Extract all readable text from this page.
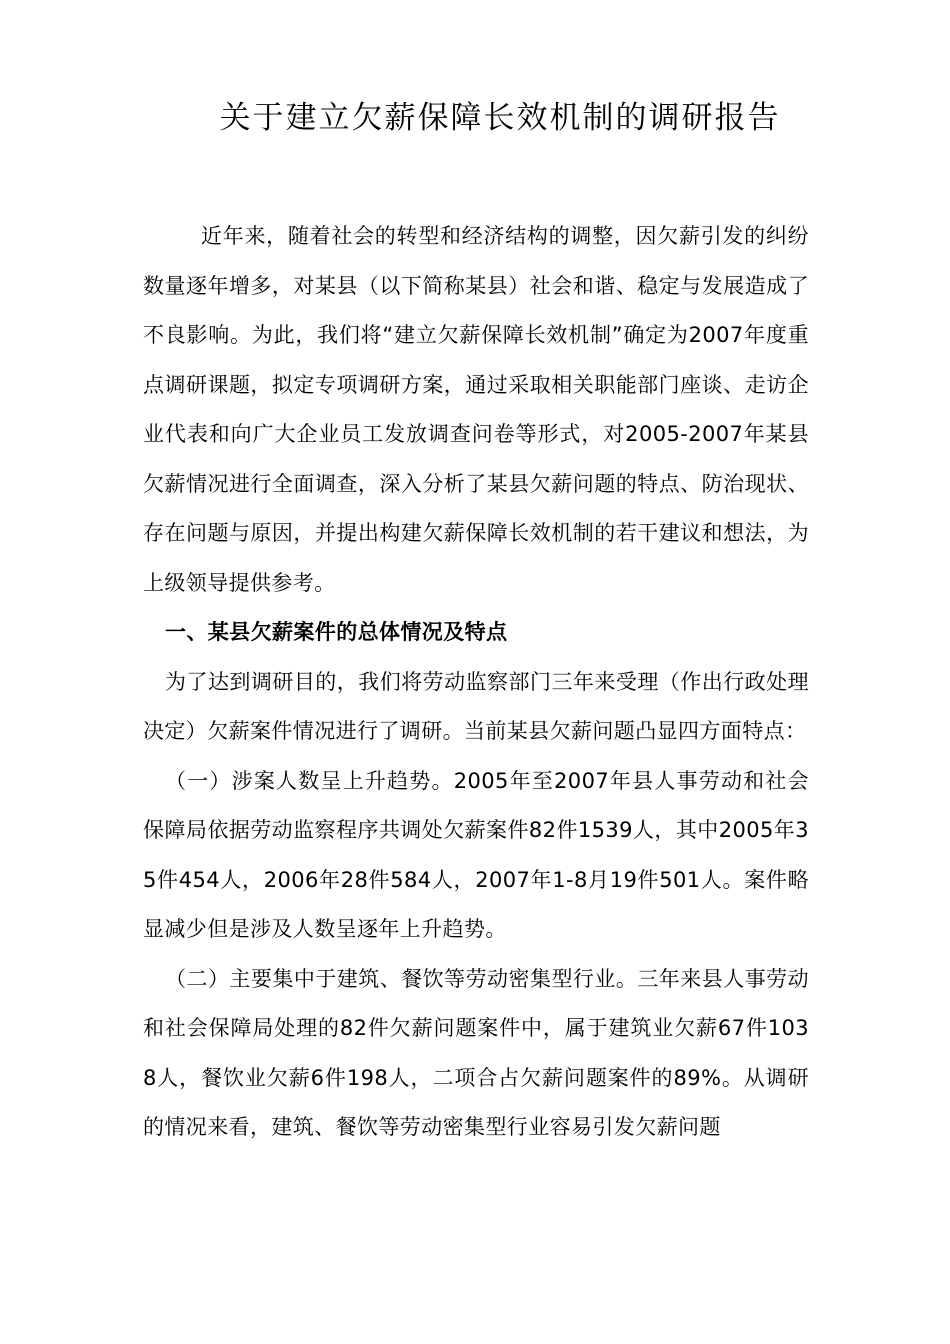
关于建立欠薪保障长效机制的调研报告

近年来，随着社会的转型和经济结构的调整，因欠薪引发的纠纷数量逐年增多，对某县（以下简称某县）社会和谐、稳定与发展造成了不良影响。为此，我们将“建立欠薪保障长效机制”确定为2007年度重点调研课题，拟定专项调研方案，通过采取相关职能部门座谈、走访企业代表和向广大企业员工发放调查问卷等形式，对2005-2007年某县欠薪情况进行全面调查，深入分析了某县欠薪问题的特点、防治现状、存在问题与原因，并提出构建欠薪保障长效机制的若干建议和想法，为上级领导提供参考。

一、某县欠薪案件的总体情况及特点

为了达到调研目的，我们将劳动监察部门三年来受理（作出行政处理决定）欠薪案件情况进行了调研。当前某县欠薪问题凸显四方面特点：

（一）涉案人数呈上升趋势。2005年至2007年县人事劳动和社会保障局依据劳动监察程序共调处欠薪案件82件1539人，其中2005年35件454人，2006年28件584人，2007年1-8月19件501人。案件略显减少但是涉及人数呈逐年上升趋势。

（二）主要集中于建筑、餐饮等劳动密集型行业。三年来县人事劳动和社会保障局处理的82件欠薪问题案件中，属于建筑业欠薪67件1038人，餐饮业欠薪6件198人，二项合占欠薪问题案件的89%。从调研的情况来看，建筑、餐饮等劳动密集型行业容易引发欠薪问题
